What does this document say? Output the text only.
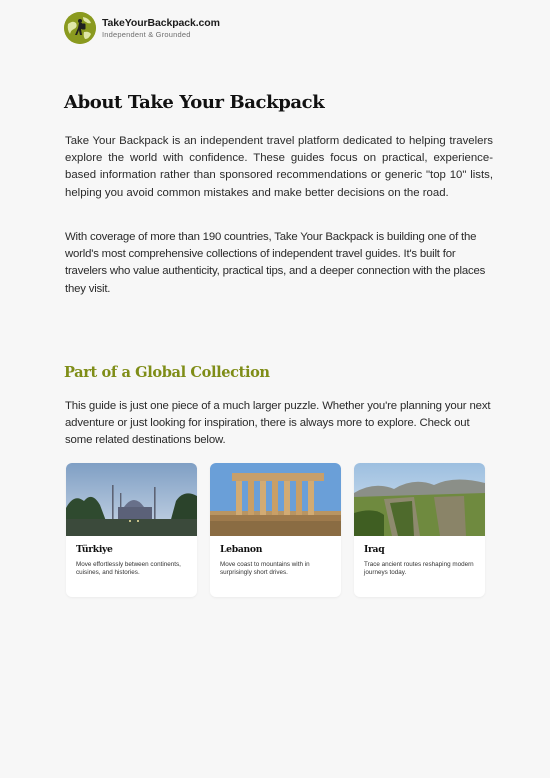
TakeYourBackpack.com
Independent & Grounded
About Take Your Backpack

Take Your Backpack is an independent travel platform dedicated to helping travelers explore the world with confidence. These guides focus on practical, experience-based information rather than sponsored recommendations or generic "top 10" lists, helping you avoid common mistakes and make better decisions on the road.

With coverage of more than 190 countries, Take Your Backpack is building one of the world's most comprehensive collections of independent travel guides. It's built for travelers who value authenticity, practical tips, and a deeper connection with the places they visit.

Part of a Global Collection

This guide is just one piece of a much larger puzzle. Whether you're planning your next adventure or just looking for inspiration, there is always more to explore. Check out some related destinations below.

Türkiye
Move effortlessly between continents, cuisines, and histories.
Lebanon
Move coast to mountains with in surprisingly short drives.
Iraq
Trace ancient routes reshaping modern journeys today.
